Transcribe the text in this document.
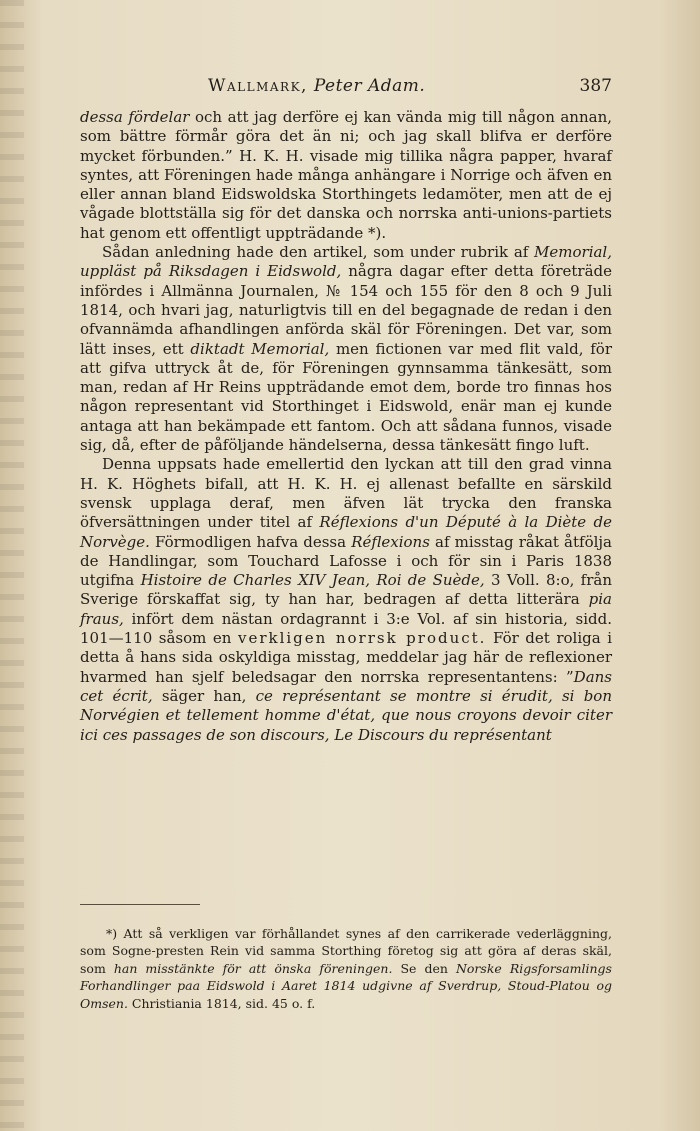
Wallmark, Peter Adam.	387

dessa fördelar och att jag derföre ej kan vända mig till någon annan, som bättre förmår göra det än ni; och jag skall blifva er derföre mycket förbunden.” H. K. H. visade mig tillika några papper, hvaraf syntes, att Föreningen hade många anhängare i Norrige och äfven en eller annan bland Eidswoldska Storthingets ledamöter, men att de ej vågade blottställa sig för det danska och norrska anti-unions-partiets hat genom ett offentligt uppträdande *).

Sådan anledning hade den artikel, som under rubrik af Memorial, uppläst på Riksdagen i Eidswold, några dagar efter detta företräde infördes i Allmänna Journalen, № 154 och 155 för den 8 och 9 Juli 1814, och hvari jag, naturligtvis till en del begagnade de redan i den ofvannämda afhandlingen anförda skäl för Föreningen. Det var, som lätt inses, ett diktadt Memorial, men fictionen var med flit vald, för att gifva uttryck åt de, för Föreningen gynnsamma tänkesätt, som man, redan af Hr Reins uppträdande emot dem, borde tro finnas hos någon representant vid Storthinget i Eidswold, enär man ej kunde antaga att han bekämpade ett fantom. Och att sådana funnos, visade sig, då, efter de påföljande händelserna, dessa tänkesätt fingo luft.

Denna uppsats hade emellertid den lyckan att till den grad vinna H. K. Höghets bifall, att H. K. H. ej allenast befallte en särskild svensk upplaga deraf, men äfven lät trycka den franska öfversättningen under titel af Réflexions d'un Député à la Diète de Norvège. Förmodligen hafva dessa Réflexions af misstag råkat åtfölja de Handlingar, som Touchard Lafosse i och för sin i Paris 1838 utgifna Histoire de Charles XIV Jean, Roi de Suède, 3 Voll. 8:o, från Sverige förskaffat sig, ty han har, bedragen af detta litterära pia fraus, infört dem nästan ordagrannt i 3:e Vol. af sin historia, sidd. 101—110 såsom en verkligen norrsk product. För det roliga i detta å hans sida oskyldiga misstag, meddelar jag här de reflexioner hvarmed han sjelf beledsagar den norrska representantens: ”Dans cet écrit, säger han, ce représentant se montre si érudit, si bon Norvégien et tellement homme d'état, que nous croyons devoir citer ici ces passages de son discours, Le Discours du représentant

*) Att så verkligen var förhållandet synes af den carrikerade vederläggning, som Sogne-presten Rein vid samma Storthing företog sig att göra af deras skäl, som han misstänkte för att önska föreningen. Se den Norske Rigsforsamlings Forhandlinger paa Eidswold i Aaret 1814 udgivne af Sverdrup, Stoud-Platou og Omsen. Christiania 1814, sid. 45 o. f.
